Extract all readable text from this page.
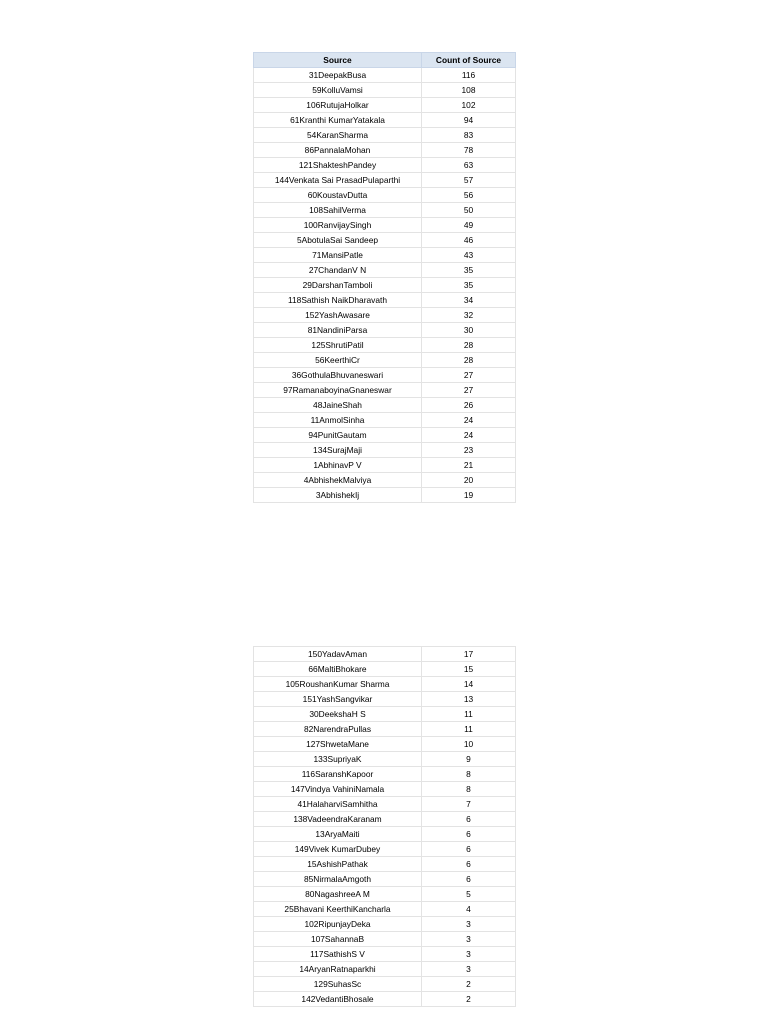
Source	Count of Source
31DeepakBusa	116
59KolluVamsi	108
106RutujaHolkar	102
61Kranthi KumarYatakala	94
54KaranSharma	83
86PannalaMohan	78
121ShakteshPandey	63
144Venkata Sai PrasadPulaparthi	57
60KoustavDutta	56
108SahilVerma	50
100RanvijaySingh	49
5AbotulaSai Sandeep	46
71MansiPatle	43
27ChandanV N	35
29DarshanTamboli	35
118Sathish NaikDharavath	34
152YashAwasare	32
81NandiniParsa	30
125ShrutiPatil	28
56KeerthiCr	28
36GothulaBhuvaneswari	27
97RamanaboyinaGnaneswar	27
48JaineShah	26
11AnmolSinha	24
94PunitGautam	24
134SurajMaji	23
1AbhinavP V	21
4AbhishekMalviya	20
3AbhishekIj	19
150YadavAman	17
66MaltiBhokare	15
105RoushanKumar Sharma	14
151YashSangvikar	13
30DeekshaH S	11
82NarendraPullas	11
127ShwetaMane	10
133SupriyaK	9
116SaranshKapoor	8
147Vindya VahiniNamala	8
41HalaharviSamhitha	7
138VadeendraKaranam	6
13AryaMaiti	6
149Vivek KumarDubey	6
15AshishPathak	6
85NirmalaAmgoth	6
80NagashreeA M	5
25Bhavani KeerthiKancharla	4
102RipunjayDeka	3
107SahannaB	3
117SathishS V	3
14AryanRatnaparkhi	3
129SuhasSc	2
142VedantiBhosale	2
